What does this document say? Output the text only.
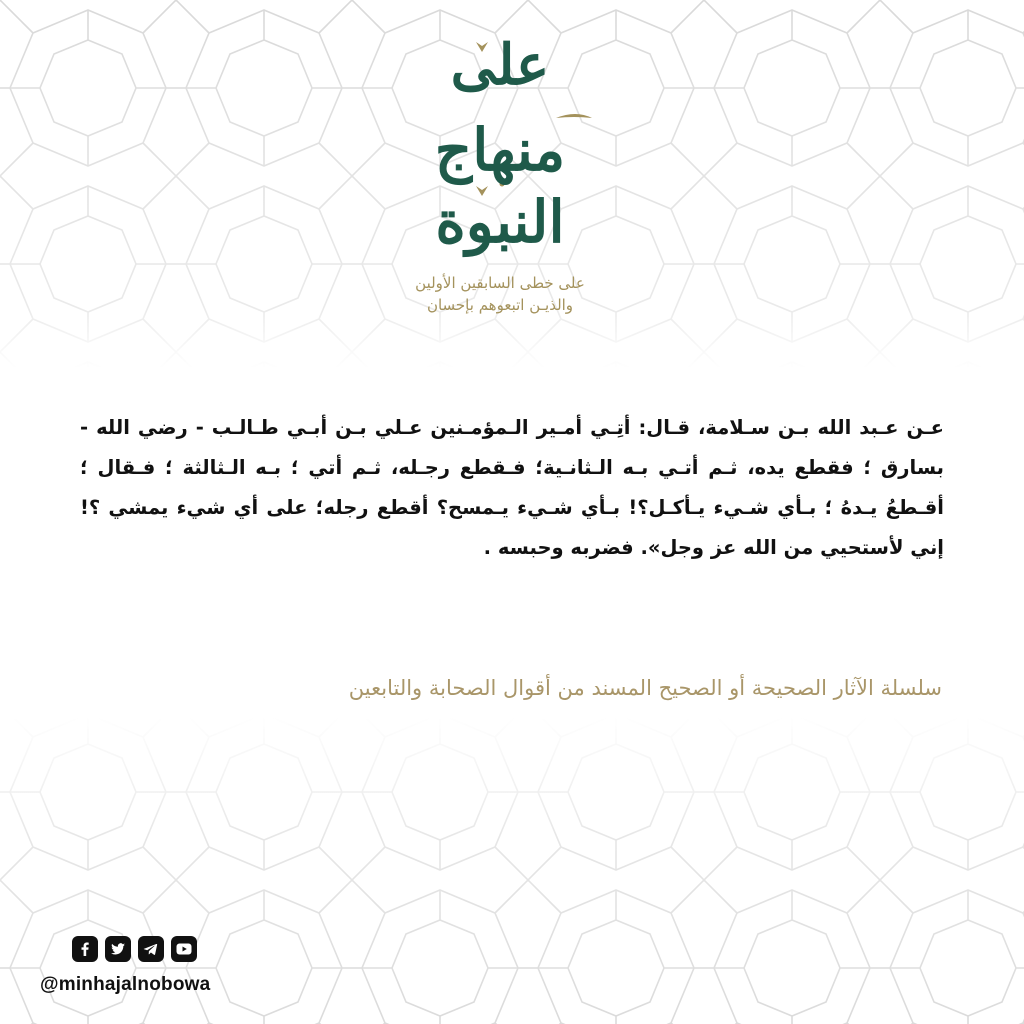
على
منهاج
النبوة
على خطى السابقين الأولين
والذيـن اتبعوهم بإحسان
عـن عـبد الله بـن سـلامة، قـال: أتِـي أمـير الـمؤمـنين عـلي بـن أبـي طـالـب - رضي الله - بسارق ؛ فقطع يده، ثـم أتـي بـه الـثانـية؛ فـقطع رجـله، ثـم أتي ؛ بـه الـثالثة ؛ فـقال ؛ أقـطعُ يـدهُ ؛ بـأي شـيء يـأكـل؟! بـأي شـيء يـمسح؟ أقطع رجله؛ على أي شيء يمشي ؟! إني لأستحيي من الله عز وجل». فضربه وحبسه .
سلسلة الآثار الصحيحة أو الصحيح المسند من أقوال الصحابة والتابعين
@minhajalnobowa
